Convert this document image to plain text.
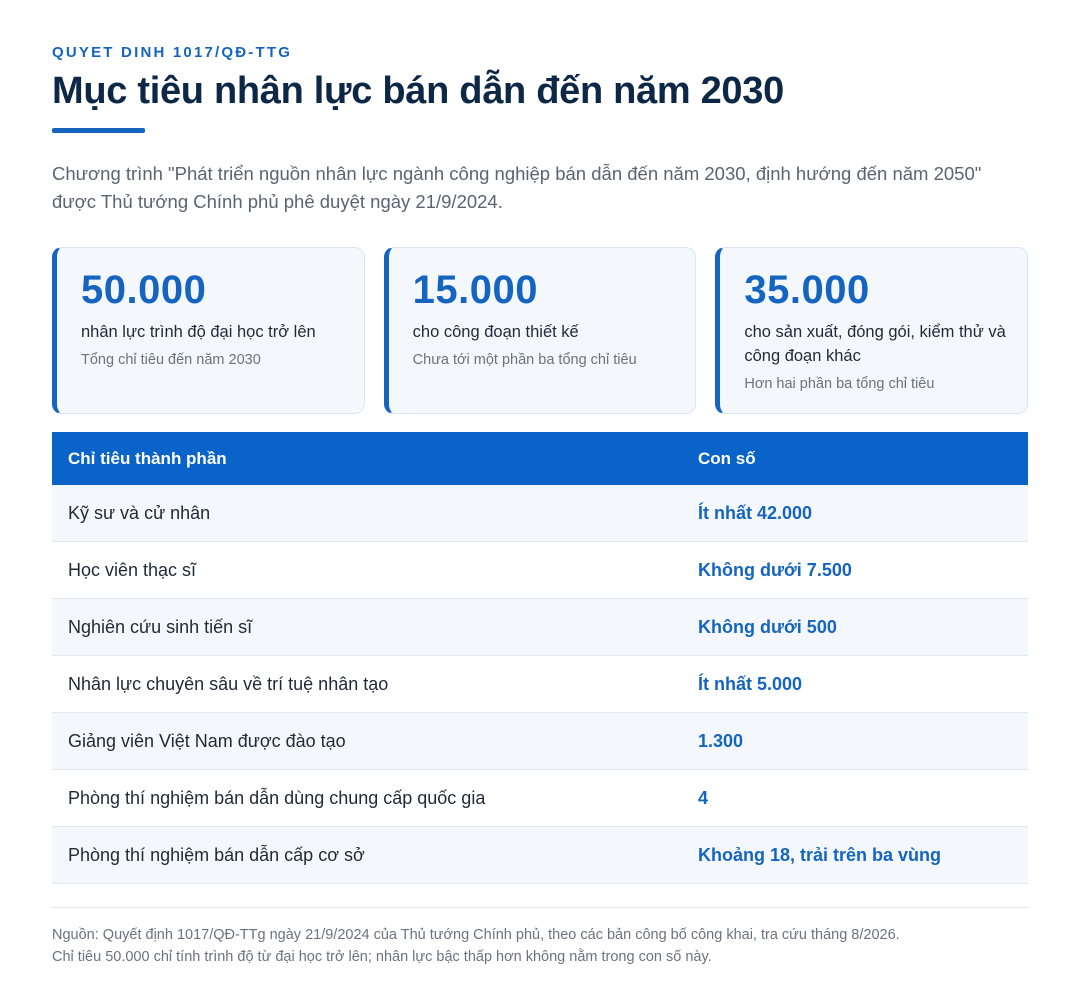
QUYET DINH 1017/QĐ-TTG
Mục tiêu nhân lực bán dẫn đến năm 2030
Chương trình "Phát triển nguồn nhân lực ngành công nghiệp bán dẫn đến năm 2030, định hướng đến năm 2050" được Thủ tướng Chính phủ phê duyệt ngày 21/9/2024.
50.000
nhân lực trình độ đại học trở lên
Tổng chỉ tiêu đến năm 2030
15.000
cho công đoạn thiết kế
Chưa tới một phần ba tổng chỉ tiêu
35.000
cho sản xuất, đóng gói, kiểm thử và công đoạn khác
Hơn hai phần ba tổng chỉ tiêu
Chỉ tiêu thành phần	Con số
Kỹ sư và cử nhân	Ít nhất 42.000
Học viên thạc sĩ	Không dưới 7.500
Nghiên cứu sinh tiến sĩ	Không dưới 500
Nhân lực chuyên sâu về trí tuệ nhân tạo	Ít nhất 5.000
Giảng viên Việt Nam được đào tạo	1.300
Phòng thí nghiệm bán dẫn dùng chung cấp quốc gia	4
Phòng thí nghiệm bán dẫn cấp cơ sở	Khoảng 18, trải trên ba vùng
Nguồn: Quyết định 1017/QĐ-TTg ngày 21/9/2024 của Thủ tướng Chính phủ, theo các bản công bố công khai, tra cứu tháng 8/2026.
Chỉ tiêu 50.000 chỉ tính trình độ từ đại học trở lên; nhân lực bậc thấp hơn không nằm trong con số này.
